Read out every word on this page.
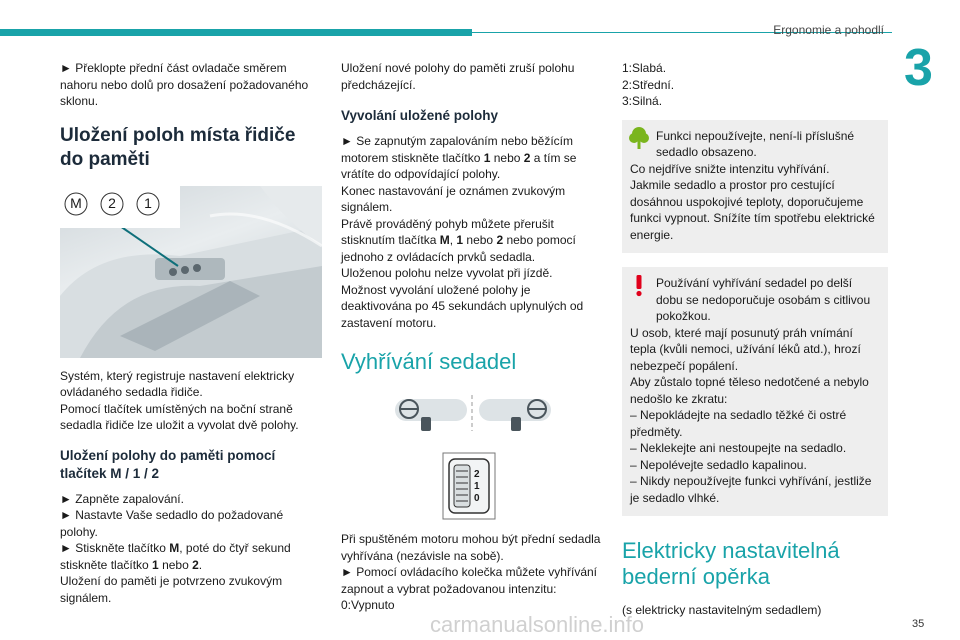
Ergonomie a pohodlí
3
35

► Překlopte přední část ovladače směrem nahoru nebo dolů pro dosažení požadovaného sklonu.

Uložení poloh místa řidiče do paměti
M 2 1

Systém, který registruje nastavení elektricky ovládaného sedadla řidiče.

Pomocí tlačítek umístěných na boční straně sedadla řidiče lze uložit a vyvolat dvě polohy.

Uložení polohy do paměti pomocí tlačítek M / 1 / 2

► Zapněte zapalování.

► Nastavte Vaše sedadlo do požadované polohy.

► Stiskněte tlačítko M, poté do čtyř sekund stiskněte tlačítko 1 nebo 2.

Uložení do paměti je potvrzeno zvukovým signálem.

Uložení nové polohy do paměti zruší polohu předcházející.

Vyvolání uložené polohy

► Se zapnutým zapalováním nebo běžícím motorem stiskněte tlačítko 1 nebo 2 a tím se vrátíte do odpovídající polohy.

Konec nastavování je oznámen zvukovým signálem.

Právě prováděný pohyb můžete přerušit stisknutím tlačítka M, 1 nebo 2 nebo pomocí jednoho z ovládacích prvků sedadla.

Uloženou polohu nelze vyvolat při jízdě.

Možnost vyvolání uložené polohy je deaktivována po 45 sekundách uplynulých od zastavení motoru.

Vyhřívání sedadel
2
1
0

Při spuštěném motoru mohou být přední sedadla vyhřívána (nezávisle na sobě).

► Pomocí ovládacího kolečka můžete vyhřívání zapnout a vybrat požadovanou intenzitu:

0:Vypnuto

1:Slabá.

2:Střední.

3:Silná.

Funkci nepoužívejte, není-li příslušné sedadlo obsazeno.

Co nejdříve snižte intenzitu vyhřívání.

Jakmile sedadlo a prostor pro cestující dosáhnou uspokojivé teploty, doporučujeme funkci vypnout. Snížíte tím spotřebu elektrické energie.

Používání vyhřívání sedadel po delší dobu se nedoporučuje osobám s citlivou pokožkou.

U osob, které mají posunutý práh vnímání tepla (kvůli nemoci, užívání léků atd.), hrozí nebezpečí popálení.

Aby zůstalo topné těleso nedotčené a nebylo nedošlo ke zkratu:

– Nepokládejte na sedadlo těžké či ostré předměty.

– Neklekejte ani nestoupejte na sedadlo.

– Nepolévejte sedadlo kapalinou.

– Nikdy nepoužívejte funkci vyhřívání, jestliže je sedadlo vlhké.

Elektricky nastavitelná bederní opěrka

(s elektricky nastavitelným sedadlem)

carmanualsonline.info
